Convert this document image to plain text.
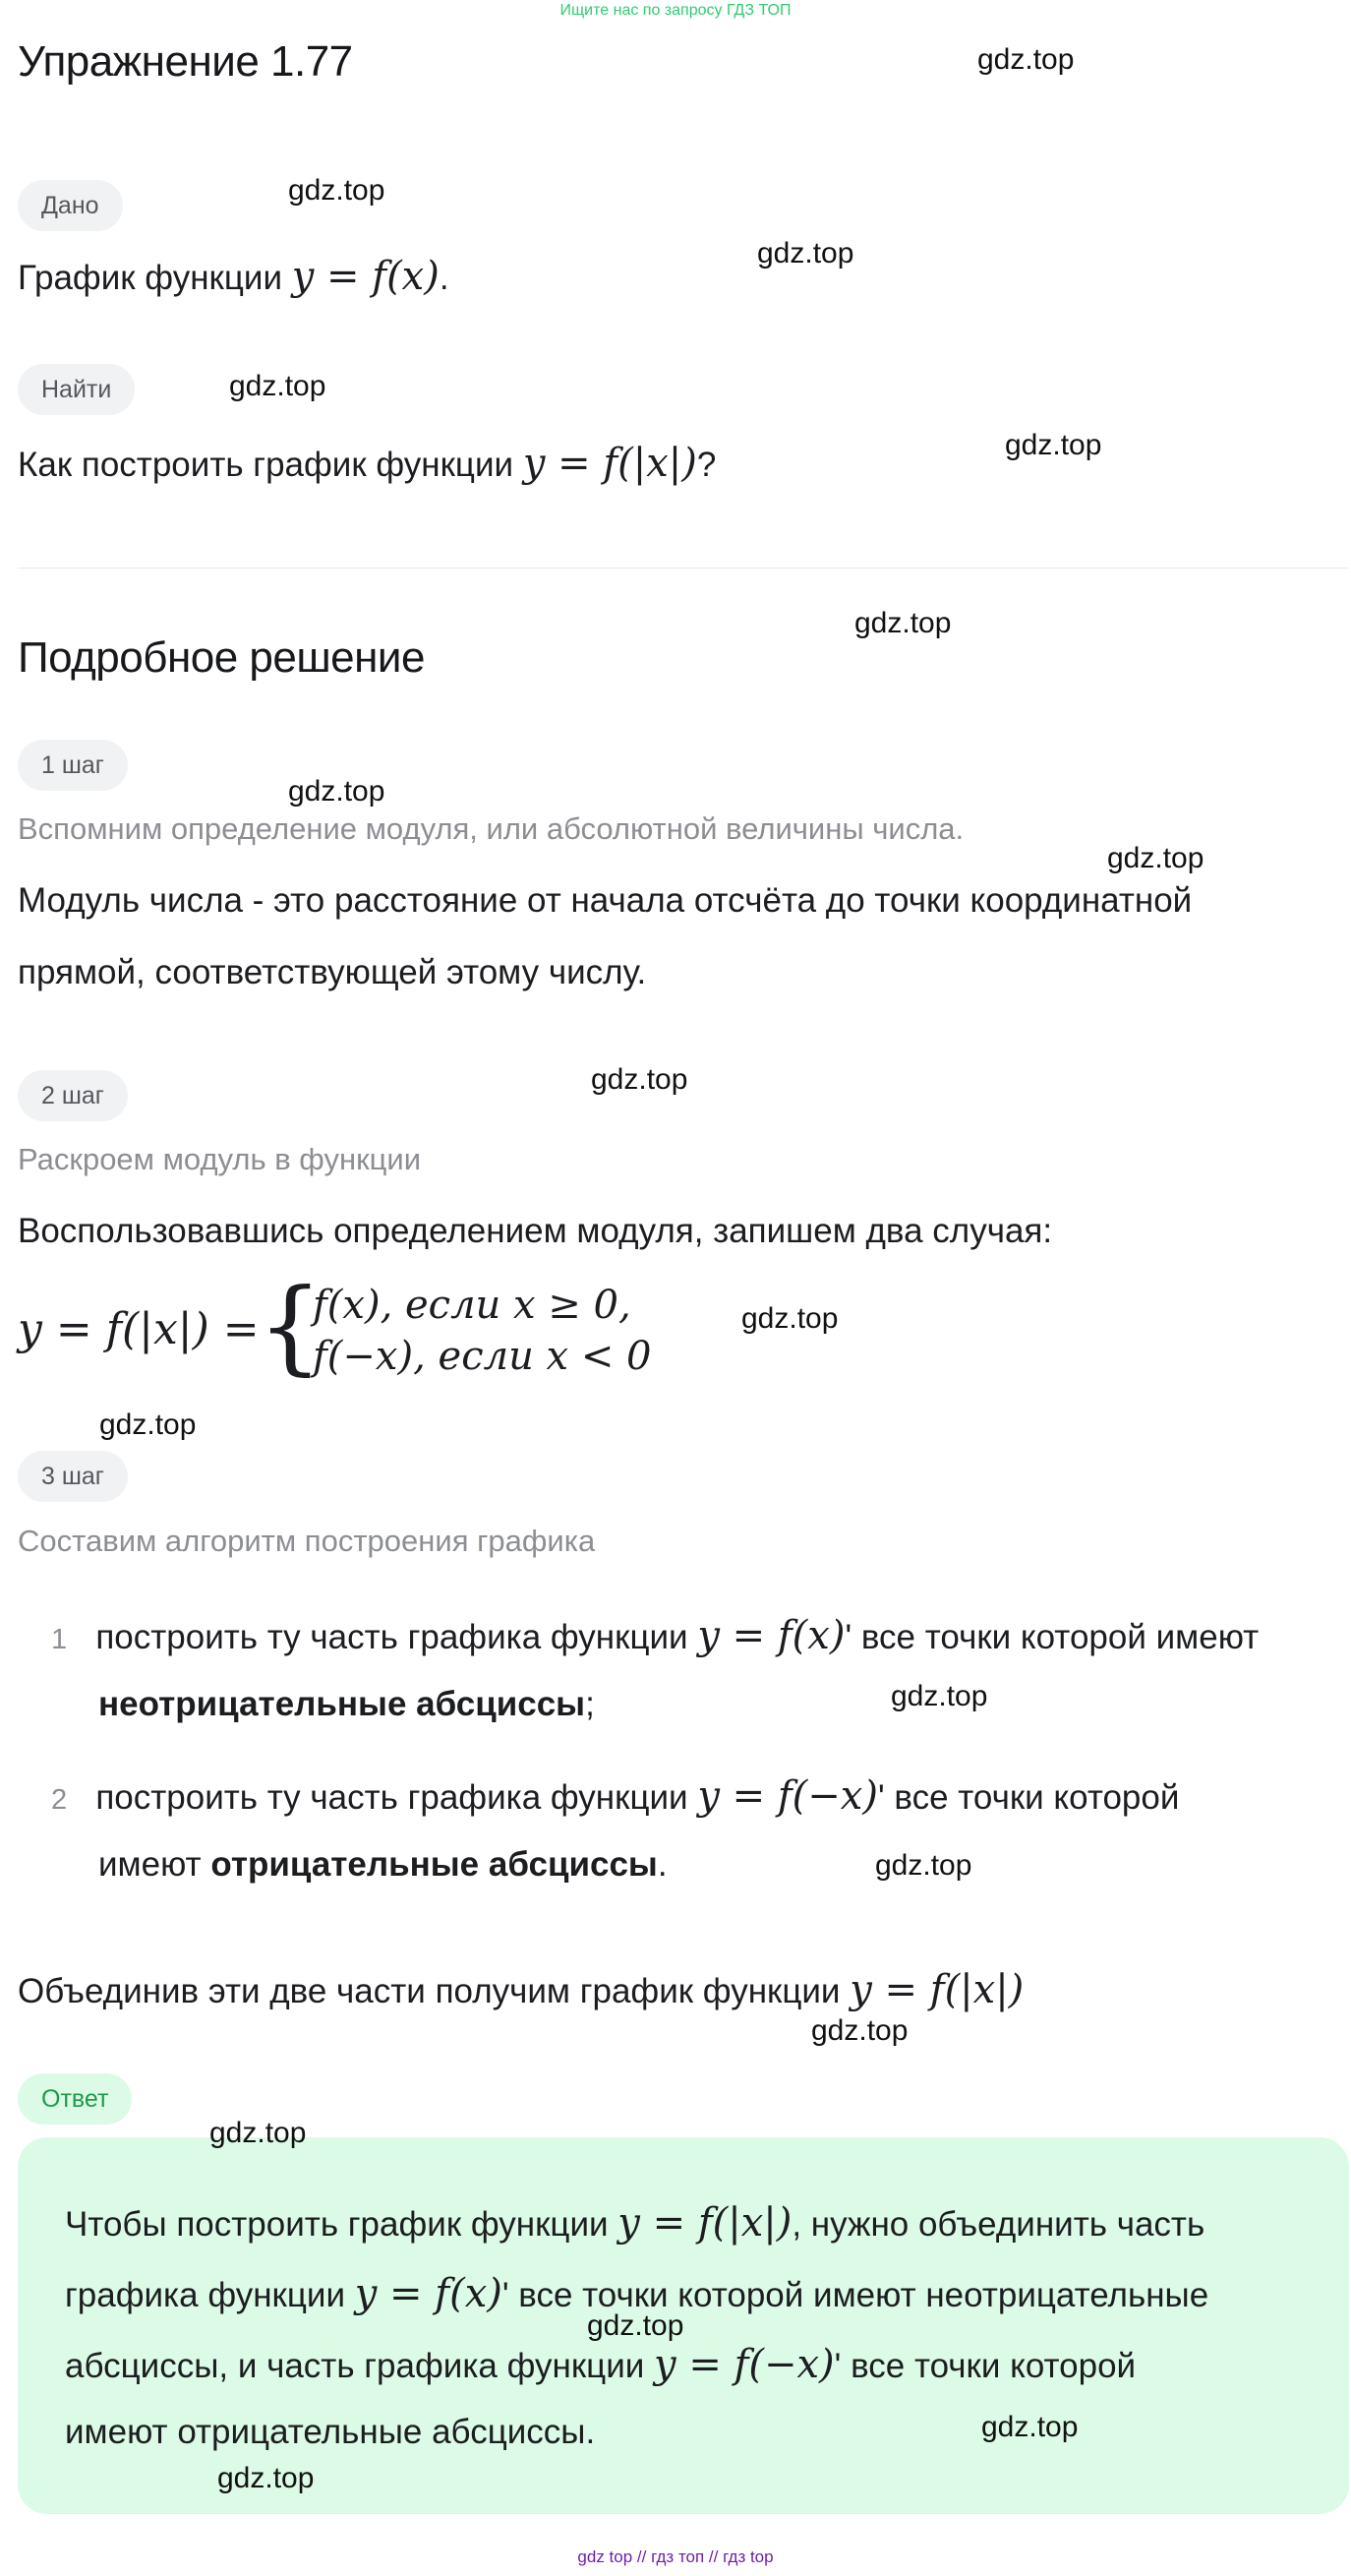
Ищите нас по запросу ГДЗ ТОП
Упражнение 1.77
Дано
График функции y = f(x).
Найти
Как построить график функции y = f(|x|)?
Подробное решение
1 шаг
Вспомним определение модуля, или абсолютной величины числа.
Модуль числа - это расстояние от начала отсчёта до точки координатной
прямой, соответствующей этому числу.
2 шаг
Раскроем модуль в функции
Воспользовавшись определением модуля, запишем два случая:
y = f(|x|) =
{
f(x), если x ≥ 0,
f(−x), если x < 0
3 шаг
Составим алгоритм построения графика
1 построить ту часть графика функции y = f(x)' все точки которой имеют
неотрицательные абсциссы;
2 построить ту часть графика функции y = f(−x)' все точки которой
имеют отрицательные абсциссы.
Объединив эти две части получим график функции y = f(|x|)
Ответ
Чтобы построить график функции y = f(|x|), нужно объединить часть
графика функции y = f(x)' все точки которой имеют неотрицательные
абсциссы, и часть графика функции y = f(−x)' все точки которой
имеют отрицательные абсциссы.
gdz.top
gdz.top
gdz.top
gdz.top
gdz.top
gdz.top
gdz.top
gdz.top
gdz.top
gdz.top
gdz.top
gdz.top
gdz.top
gdz.top
gdz.top
gdz.top
gdz.top
gdz.top
gdz top // гдз топ // гдз top
